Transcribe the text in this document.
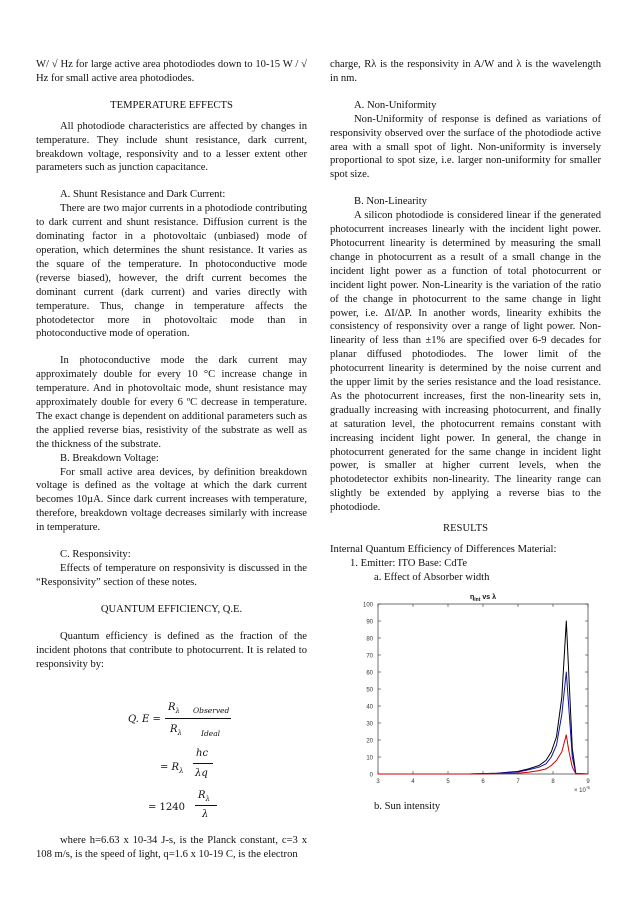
W/ √ Hz for large active area photodiodes down to 10-15 W / √ Hz for small active area photodiodes.

TEMPERATURE EFFECTS

All photodiode characteristics are affected by changes in temperature. They include shunt resistance, dark current, breakdown voltage, responsivity and to a lesser extent other parameters such as junction capacitance.

A. Shunt Resistance and Dark Current:

There are two major currents in a photodiode contributing to dark current and shunt resistance. Diffusion current is the dominating factor in a photovoltaic (unbiased) mode of operation, which determines the shunt resistance. It varies as the square of the temperature. In photoconductive mode (reverse biased), however, the drift current becomes the dominant current (dark current) and varies directly with temperature. Thus, change in temperature affects the photodetector more in photovoltaic mode than in photoconductive mode of operation.

In photoconductive mode the dark current may approximately double for every 10 °C increase change in temperature. And in photovoltaic mode, shunt resistance may approximately double for every 6 ºC decrease in temperature. The exact change is dependent on additional parameters such as the applied reverse bias, resistivity of the substrate as well as the thickness of the substrate.

B. Breakdown Voltage:

For small active area devices, by definition breakdown voltage is defined as the voltage at which the dark current becomes 10µA. Since dark current increases with temperature, therefore, breakdown voltage decreases similarly with increase in temperature.

C. Responsivity:

Effects of temperature on responsivity is discussed in the “Responsivity” section of these notes.

QUANTUM EFFICIENCY, Q.E.

Quantum efficiency is defined as the fraction of the incident photons that contribute to photocurrent. It is related to responsivity by:

Q. E =
$R_\lambda$ Observed
$R_\lambda$	Ideal
= $R_\lambda$
hc
λq
= 1240
$R_\lambda$
λ

where h=6.63 x 10-34 J-s, is the Planck constant, c=3 x 108 m/s, is the speed of light, q=1.6 x 10-19 C, is the electron

charge, Rλ is the responsivity in A/W and λ is the wavelength in nm.

A. Non-Uniformity

Non-Uniformity of response is defined as variations of responsivity observed over the surface of the photodiode active area with a small spot of light. Non-uniformity is inversely proportional to spot size, i.e. larger non-uniformity for smaller spot size.

B. Non-Linearity

A silicon photodiode is considered linear if the generated photocurrent increases linearly with the incident light power. Photocurrent linearity is determined by measuring the small change in photocurrent as a result of a small change in the incident light power as a function of total photocurrent or incident light power. Non-Linearity is the variation of the ratio of the change in photocurrent to the same change in light power, i.e. ΔI/ΔP. In another words, linearity exhibits the consistency of responsivity over a range of light power. Non-linearity of less than ±1% are specified over 6-9 decades for planar diffused photodiodes. The lower limit of the photocurrent linearity is determined by the noise current and the upper limit by the series resistance and the load resistance. As the photocurrent increases, first the non-linearity sets in, gradually increasing with increasing photocurrent, and finally at saturation level, the photocurrent remains constant with increasing incident light power. In general, the change in photocurrent generated for the same change in incident light power, is smaller at higher current levels, when the photodetector exhibits non-linearity. The linearity range can slightly be extended by applying a reverse bias to the photodiode.

RESULTS

Internal Quantum Efficiency of Differences Material:

1. Emitter: ITO Base: CdTe

a. Effect of Absorber width

$\eta_{int}$ vs λ
0
10
20
30
40
50
60
70
80
90
100
3	4	5	6	7	8	9
× $10^{-5}$

b. Sun intensity
